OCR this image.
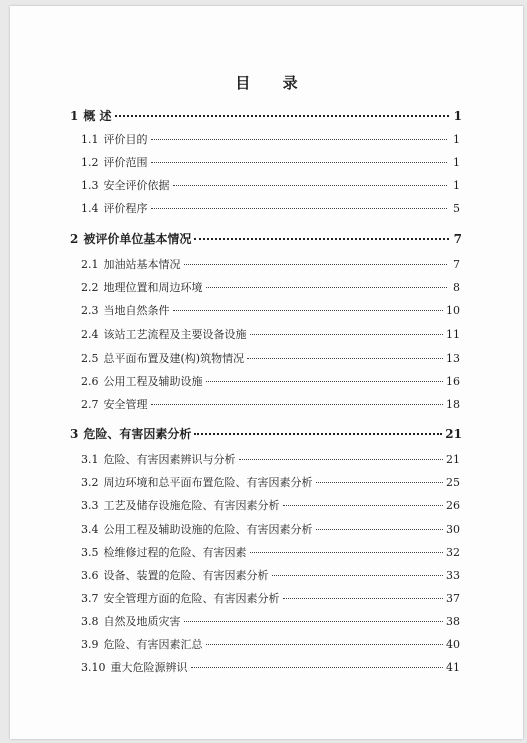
目 录
1 概 述	1
1.1 评价目的	1
1.2 评价范围	1
1.3 安全评价依据	1
1.4 评价程序	5
2 被评价单位基本情况	7
2.1 加油站基本情况	7
2.2 地理位置和周边环境	8
2.3 当地自然条件	10
2.4 该站工艺流程及主要设备设施	11
2.5 总平面布置及建(构)筑物情况	13
2.6 公用工程及辅助设施	16
2.7 安全管理	18
3 危险、有害因素分析	21
3.1 危险、有害因素辨识与分析	21
3.2 周边环境和总平面布置危险、有害因素分析	25
3.3 工艺及储存设施危险、有害因素分析	26
3.4 公用工程及辅助设施的危险、有害因素分析	30
3.5 检维修过程的危险、有害因素	32
3.6 设备、装置的危险、有害因素分析	33
3.7 安全管理方面的危险、有害因素分析	37
3.8 自然及地质灾害	38
3.9 危险、有害因素汇总	40
3.10 重大危险源辨识	41
